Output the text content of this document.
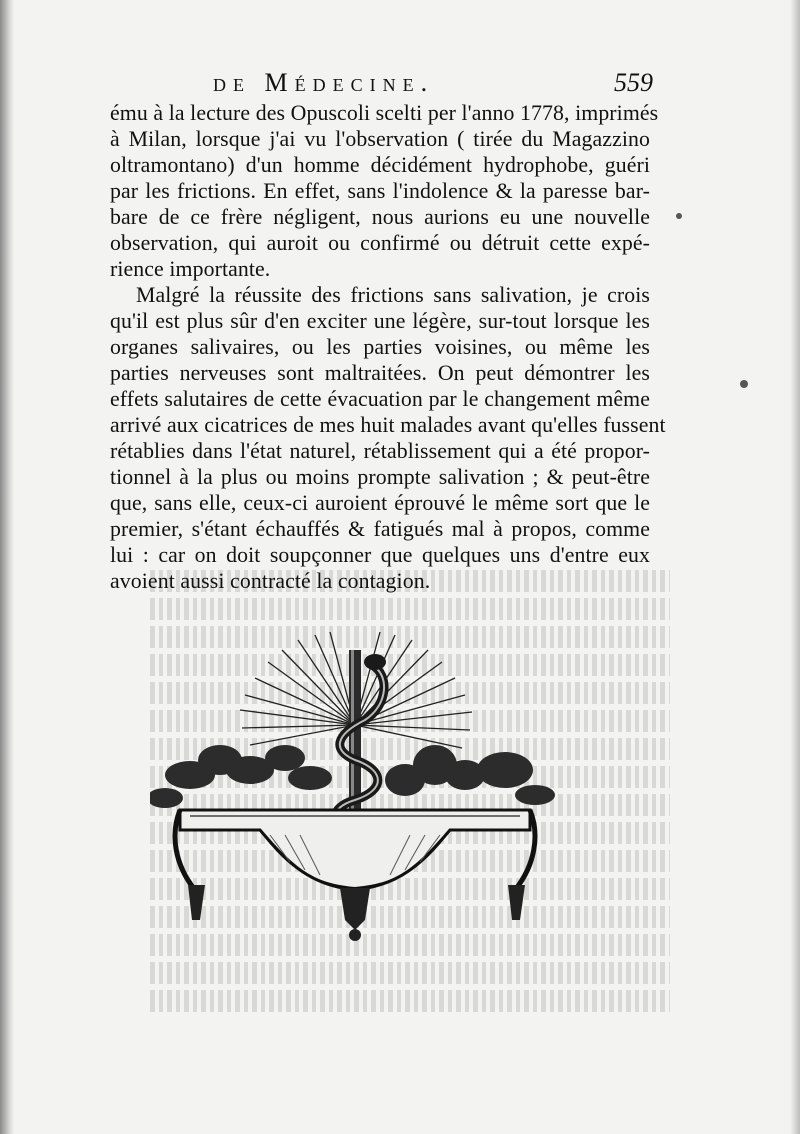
de Médecine.	559
ému à la lecture des Opuscoli scelti per l'anno 1778, imprimés
à Milan, lorsque j'ai vu l'observation ( tirée du Magazzino
oltramontano) d'un homme décidément hydrophobe, guéri
par les frictions. En effet, sans l'indolence & la paresse bar-
bare de ce frère négligent, nous aurions eu une nouvelle
observation, qui auroit ou confirmé ou détruit cette expé-
rience importante.
Malgré la réussite des frictions sans salivation, je crois
qu'il est plus sûr d'en exciter une légère, sur-tout lorsque les
organes salivaires, ou les parties voisines, ou même les
parties nerveuses sont maltraitées. On peut démontrer les
effets salutaires de cette évacuation par le changement même
arrivé aux cicatrices de mes huit malades avant qu'elles fussent
rétablies dans l'état naturel, rétablissement qui a été propor-
tionnel à la plus ou moins prompte salivation ; & peut-être
que, sans elle, ceux-ci auroient éprouvé le même sort que le
premier, s'étant échauffés & fatigués mal à propos, comme
lui : car on doit soupçonner que quelques uns d'entre eux
avoient aussi contracté la contagion.
